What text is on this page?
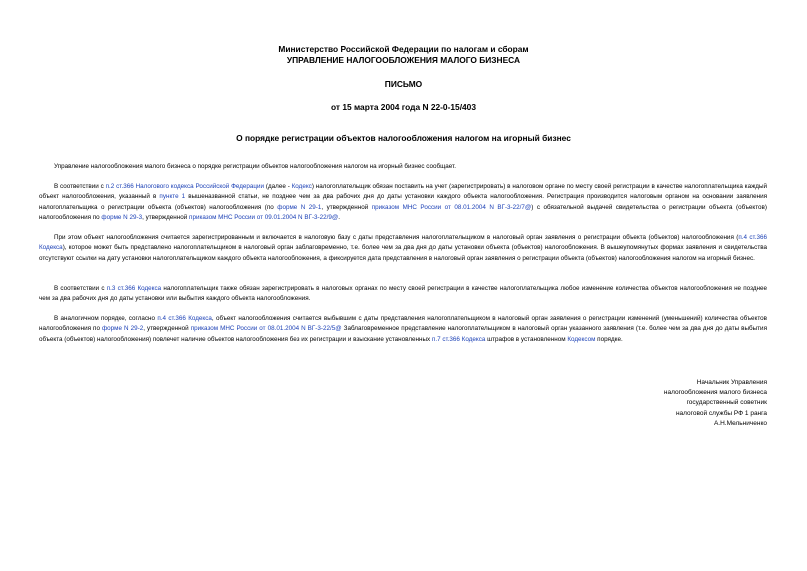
Министерство Российской Федерации по налогам и сборам
УПРАВЛЕНИЕ НАЛОГООБЛОЖЕНИЯ МАЛОГО БИЗНЕСА
ПИСЬМО
от 15 марта 2004 года N 22-0-15/403
О порядке регистрации объектов налогообложения налогом на игорный бизнес

Управление налогообложения малого бизнеса о порядке регистрации объектов налогообложения налогом на игорный бизнес сообщает.

В соответствии с п.2 ст.366 Налогового кодекса Российской Федерации (далее - Кодекс) налогоплательщик обязан поставить на учет (зарегистрировать) в налоговом органе по месту своей регистрации в качестве налогоплательщика каждый объект налогообложения, указанный в пункте 1 вышеназванной статьи, не позднее чем за два рабочих дня до даты установки каждого объекта налогообложения. Регистрация производится налоговым органом на основании заявления налогоплательщика о регистрации объекта (объектов) налогообложения (по форме N 29-1, утвержденной приказом МНС России от 08.01.2004 N ВГ-3-22/7@) с обязательной выдачей свидетельства о регистрации объекта (объектов) налогообложения по форме N 29-3, утвержденной приказом МНС России от 09.01.2004 N ВГ-3-22/9@.

При этом объект налогообложения считается зарегистрированным и включается в налоговую базу с даты представления налогоплательщиком в налоговый орган заявления о регистрации объекта (объектов) налогообложения (п.4 ст.366 Кодекса), которое может быть представлено налогоплательщиком в налоговый орган заблаговременно, т.е. более чем за два дня до даты установки объекта (объектов) налогообложения. В вышеупомянутых формах заявления и свидетельства отсутствуют ссылки на дату установки налогоплательщиком каждого объекта налогообложения, а фиксируется дата представления в налоговый орган заявления о регистрации объекта (объектов) налогообложения налогом на игорный бизнес.

В соответствии с п.3 ст.366 Кодекса налогоплательщик также обязан зарегистрировать в налоговых органах по месту своей регистрации в качестве налогоплательщика любое изменение количества объектов налогообложения не позднее чем за два рабочих дня до даты установки или выбытия каждого объекта налогообложения.

В аналогичном порядке, согласно п.4 ст.366 Кодекса, объект налогообложения считается выбывшим с даты представления налогоплательщиком в налоговый орган заявления о регистрации изменений (уменьшений) количества объектов налогообложения по форме N 29-2, утвержденной приказом МНС России от 08.01.2004 N ВГ-3-22/5@ Заблаговременное представление налогоплательщиком в налоговый орган указанного заявления (т.е. более чем за два дня до даты выбытия объекта (объектов) налогообложения) повлечет наличие объектов налогообложения без их регистрации и взыскание установленных п.7 ст.366 Кодекса штрафов в установленном Кодексом порядке.

Начальник Управления
налогообложения малого бизнеса
государственный советник
налоговой службы РФ 1 ранга
А.Н.Мельниченко
